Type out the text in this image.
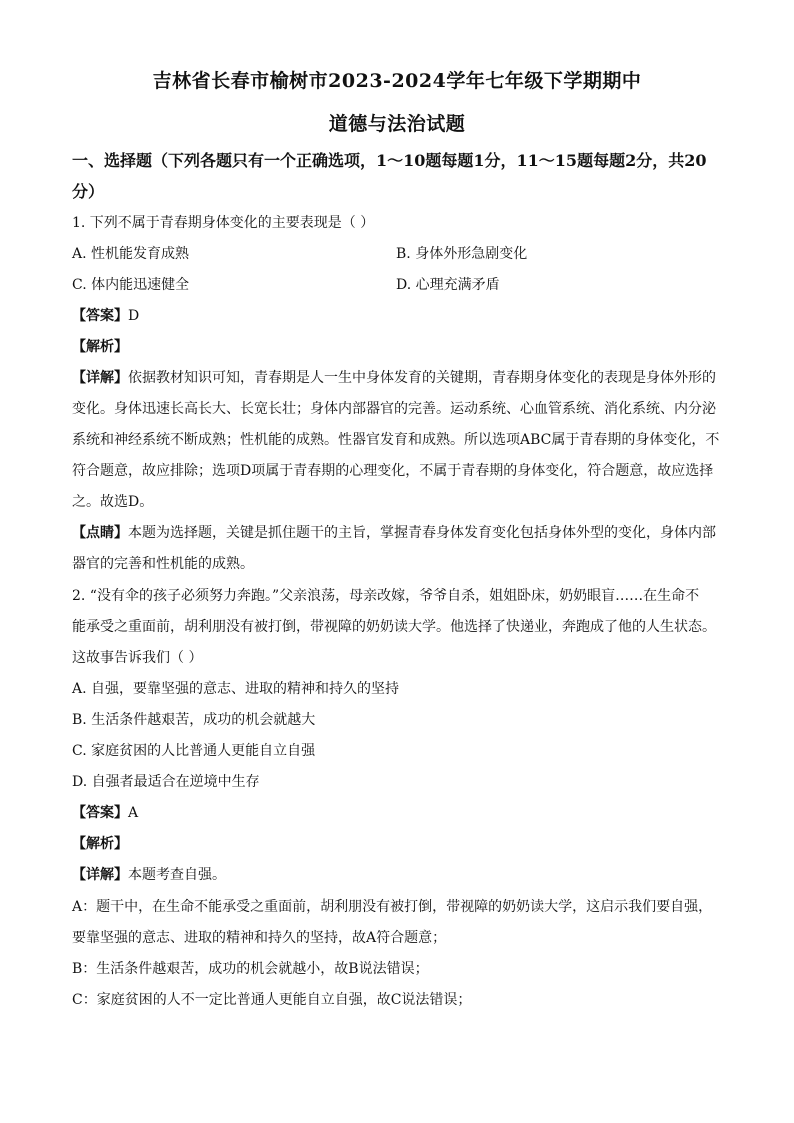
吉林省长春市榆树市2023-2024学年七年级下学期期中
道德与法治试题
一、选择题（下列各题只有一个正确选项，1～10题每题1分，11～15题每题2分，共20
分）
1. 下列不属于青春期身体变化的主要表现是（ ）
A. 性机能发育成熟	B. 身体外形急剧变化
C. 体内能迅速健全	D. 心理充满矛盾
【答案】D
【解析】
【详解】依据教材知识可知，青春期是人一生中身体发育的关键期，青春期身体变化的表现是身体外形的
变化。身体迅速长高长大、长宽长壮；身体内部器官的完善。运动系统、心血管系统、消化系统、内分泌
系统和神经系统不断成熟；性机能的成熟。性器官发育和成熟。所以选项ABC属于青春期的身体变化，不
符合题意，故应排除；选项D项属于青春期的心理变化，不属于青春期的身体变化，符合题意，故应选择
之。故选D。
【点睛】本题为选择题，关键是抓住题干的主旨，掌握青春身体发育变化包括身体外型的变化，身体内部
器官的完善和性机能的成熟。
2. “没有伞的孩子必须努力奔跑。”父亲浪荡，母亲改嫁，爷爷自杀，姐姐卧床，奶奶眼盲……在生命不
能承受之重面前，胡利朋没有被打倒，带视障的奶奶读大学。他选择了快递业，奔跑成了他的人生状态。
这故事告诉我们（ ）
A. 自强，要靠坚强的意志、进取的精神和持久的坚持
B. 生活条件越艰苦，成功的机会就越大
C. 家庭贫困的人比普通人更能自立自强
D. 自强者最适合在逆境中生存
【答案】A
【解析】
【详解】本题考查自强。
A：题干中，在生命不能承受之重面前，胡利朋没有被打倒，带视障的奶奶读大学，这启示我们要自强，
要靠坚强的意志、进取的精神和持久的坚持，故A符合题意；
B：生活条件越艰苦，成功的机会就越小，故B说法错误；
C：家庭贫困的人不一定比普通人更能自立自强，故C说法错误；
